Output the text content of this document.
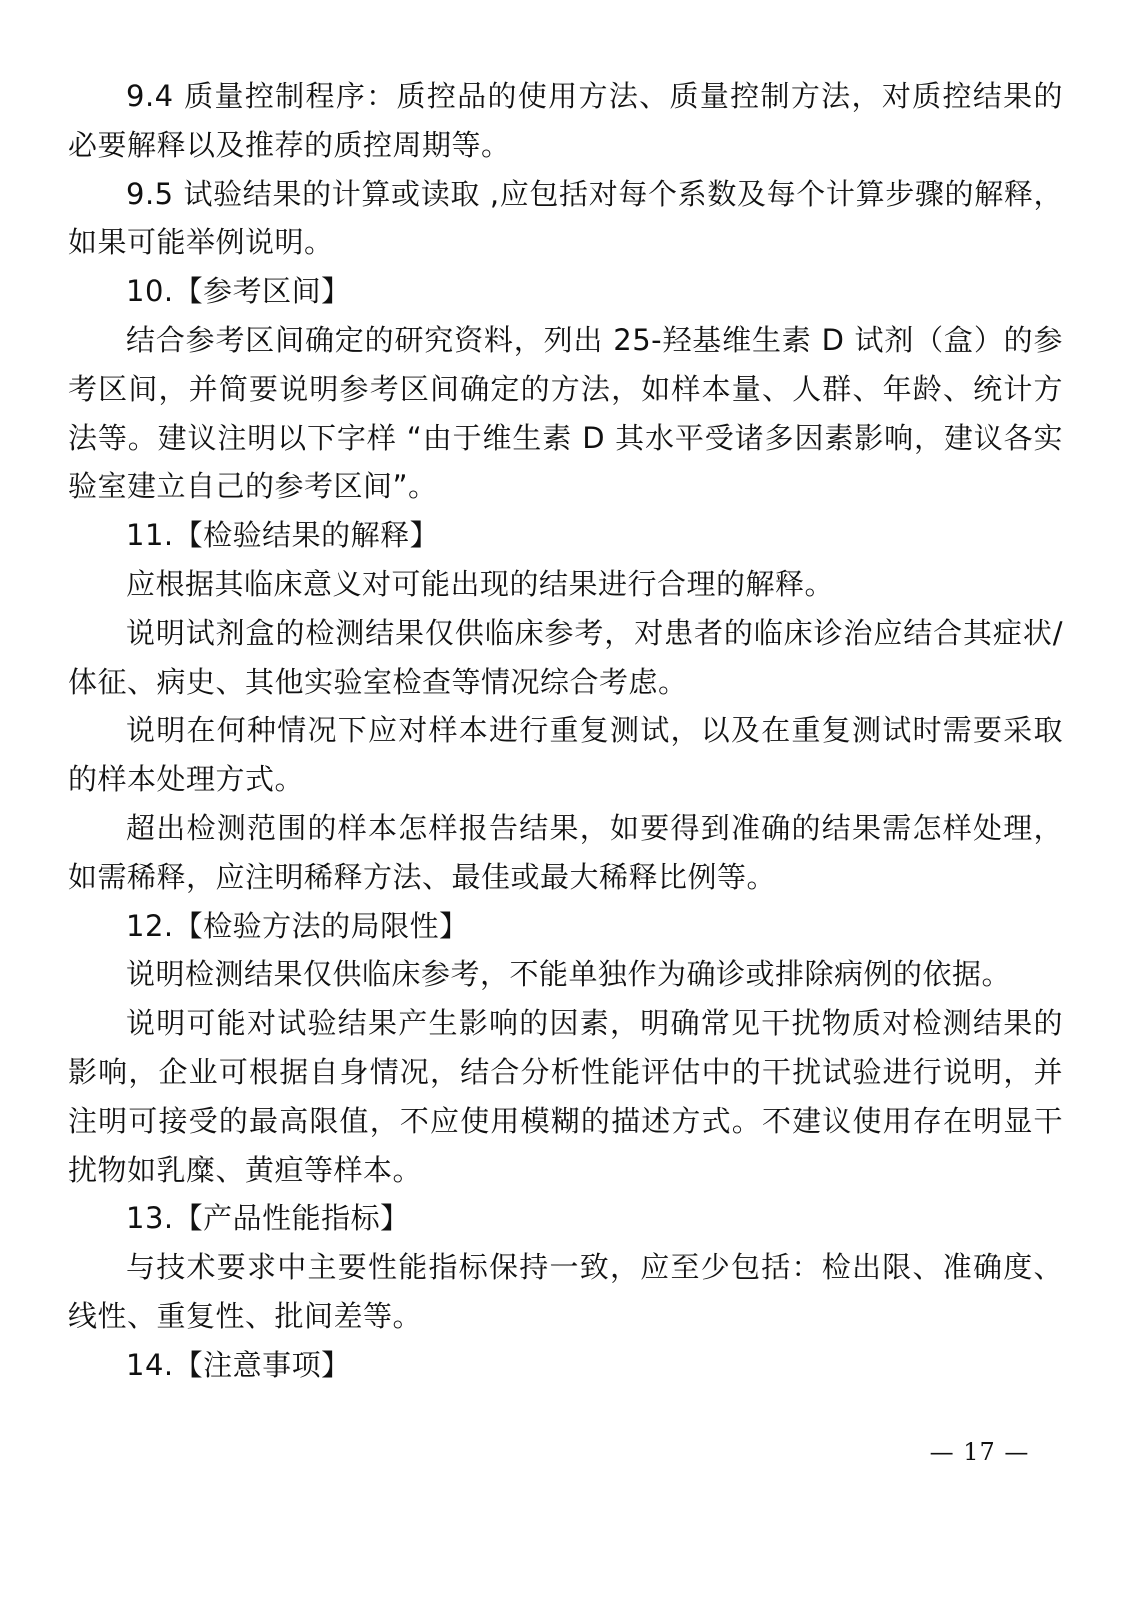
9.4 质量控制程序：质控品的使用方法、质量控制方法，对质控结果的必要解释以及推荐的质控周期等。

9.5 试验结果的计算或读取 ,应包括对每个系数及每个计算步骤的解释，如果可能举例说明。

10.【参考区间】

结合参考区间确定的研究资料，列出 25-羟基维生素 D 试剂（盒）的参考区间，并简要说明参考区间确定的方法，如样本量、人群、年龄、统计方法等。建议注明以下字样 “由于维生素 D 其水平受诸多因素影响，建议各实验室建立自己的参考区间”。

11.【检验结果的解释】

应根据其临床意义对可能出现的结果进行合理的解释。

说明试剂盒的检测结果仅供临床参考，对患者的临床诊治应结合其症状/体征、病史、其他实验室检查等情况综合考虑。

说明在何种情况下应对样本进行重复测试，以及在重复测试时需要采取的样本处理方式。

超出检测范围的样本怎样报告结果，如要得到准确的结果需怎样处理，如需稀释，应注明稀释方法、最佳或最大稀释比例等。

12.【检验方法的局限性】

说明检测结果仅供临床参考，不能单独作为确诊或排除病例的依据。

说明可能对试验结果产生影响的因素，明确常见干扰物质对检测结果的影响，企业可根据自身情况，结合分析性能评估中的干扰试验进行说明，并注明可接受的最高限值，不应使用模糊的描述方式。不建议使用存在明显干扰物如乳糜、黄疸等样本。

13.【产品性能指标】

与技术要求中主要性能指标保持一致，应至少包括：检出限、准确度、线性、重复性、批间差等。

14.【注意事项】

— 17 —
